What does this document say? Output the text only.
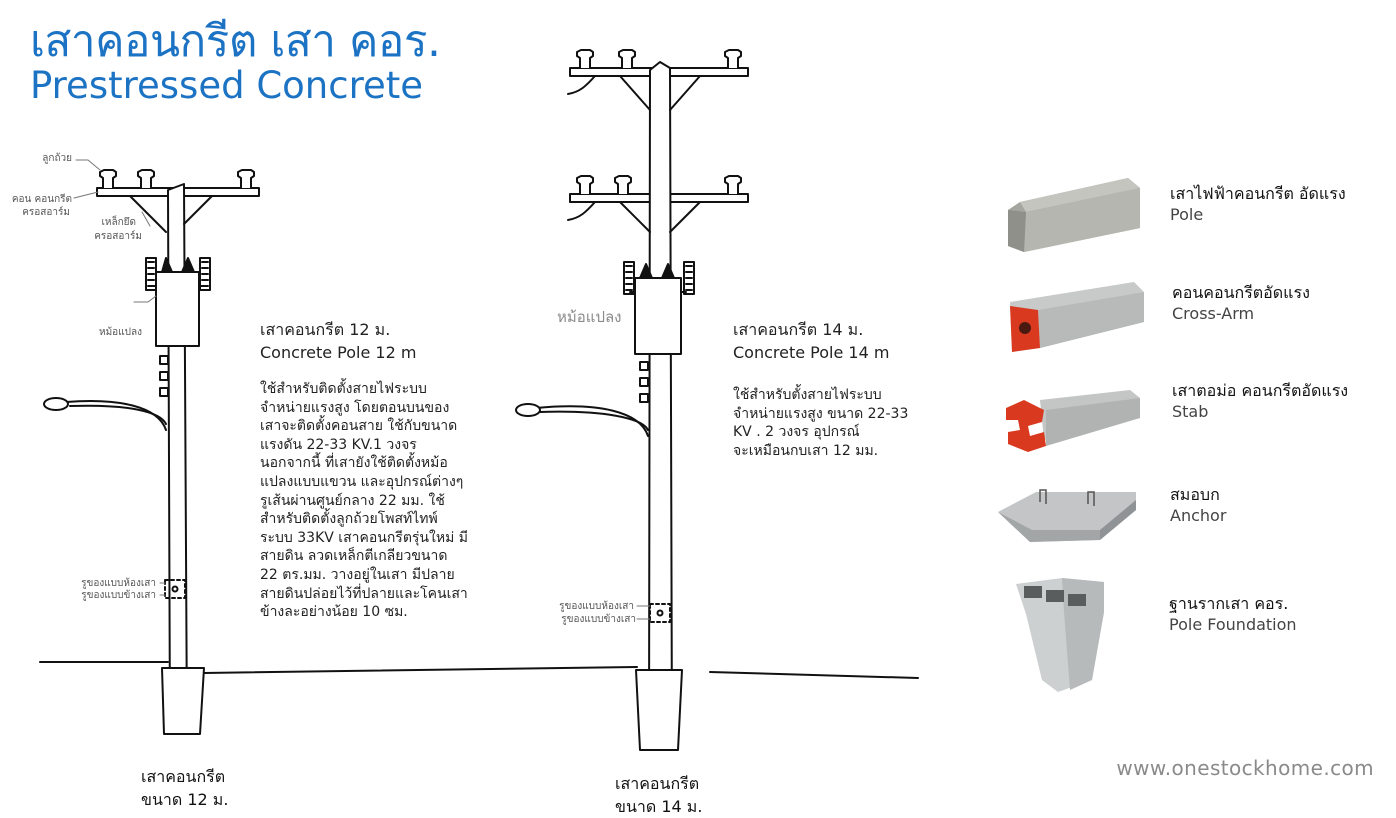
เสาคอนกรีต เสา คอร.
Prestressed Concrete
ลูกถ้วย
คอน คอนกรีต
ครอสอาร์ม
เหล็กยึด
ครอสอาร์ม
หม้อแปลง
รูของแบบห้องเสา
รูของแบบข้างเสา
เสาคอนกรีต 12 ม.
Concrete Pole 12 m
ใช้สำหรับติดตั้งสายไฟระบบ
จำหน่ายแรงสูง โดยตอนบนของ
เสาจะติดตั้งคอนสาย ใช้กับขนาด
แรงดัน 22-33 KV.1 วงจร
นอกจากนี้ ที่เสายังใช้ติดตั้งหม้อ
แปลงแบบแขวน และอุปกรณ์ต่างๆ
รูเส้นผ่านศูนย์กลาง 22 มม. ใช้
สำหรับติดตั้งลูกถ้วยโพสท์ไทพ์
ระบบ 33KV เสาคอนกรีตรุ่นใหม่ มี
สายดิน ลวดเหล็กตีเกลียวขนาด
22 ตร.มม. วางอยู่ในเสา มีปลาย
สายดินปล่อยไว้ที่ปลายและโคนเสา
ข้างละอย่างน้อย 10 ซม.
เสาคอนกรีต
ขนาด 12 ม.
หม้อแปลง
รูของแบบห้องเสา
รูของแบบข้างเสา
เสาคอนกรีต 14 ม.
Concrete Pole 14 m
ใช้สำหรับตั้งสายไฟระบบ
จำหน่ายแรงสูง ขนาด 22-33
KV . 2 วงจร อุปกรณ์
จะเหมือนกบเสา 12 มม.
เสาคอนกรีต
ขนาด 14 ม.
เสาไฟฟ้าคอนกรีต อัดแรง
Pole
คอนคอนกรีตอัดแรง
Cross-Arm
เสาตอม่อ คอนกรีตอัดแรง
Stab
สมอบก
Anchor
ฐานรากเสา คอร.
Pole Foundation
www.onestockhome.com
